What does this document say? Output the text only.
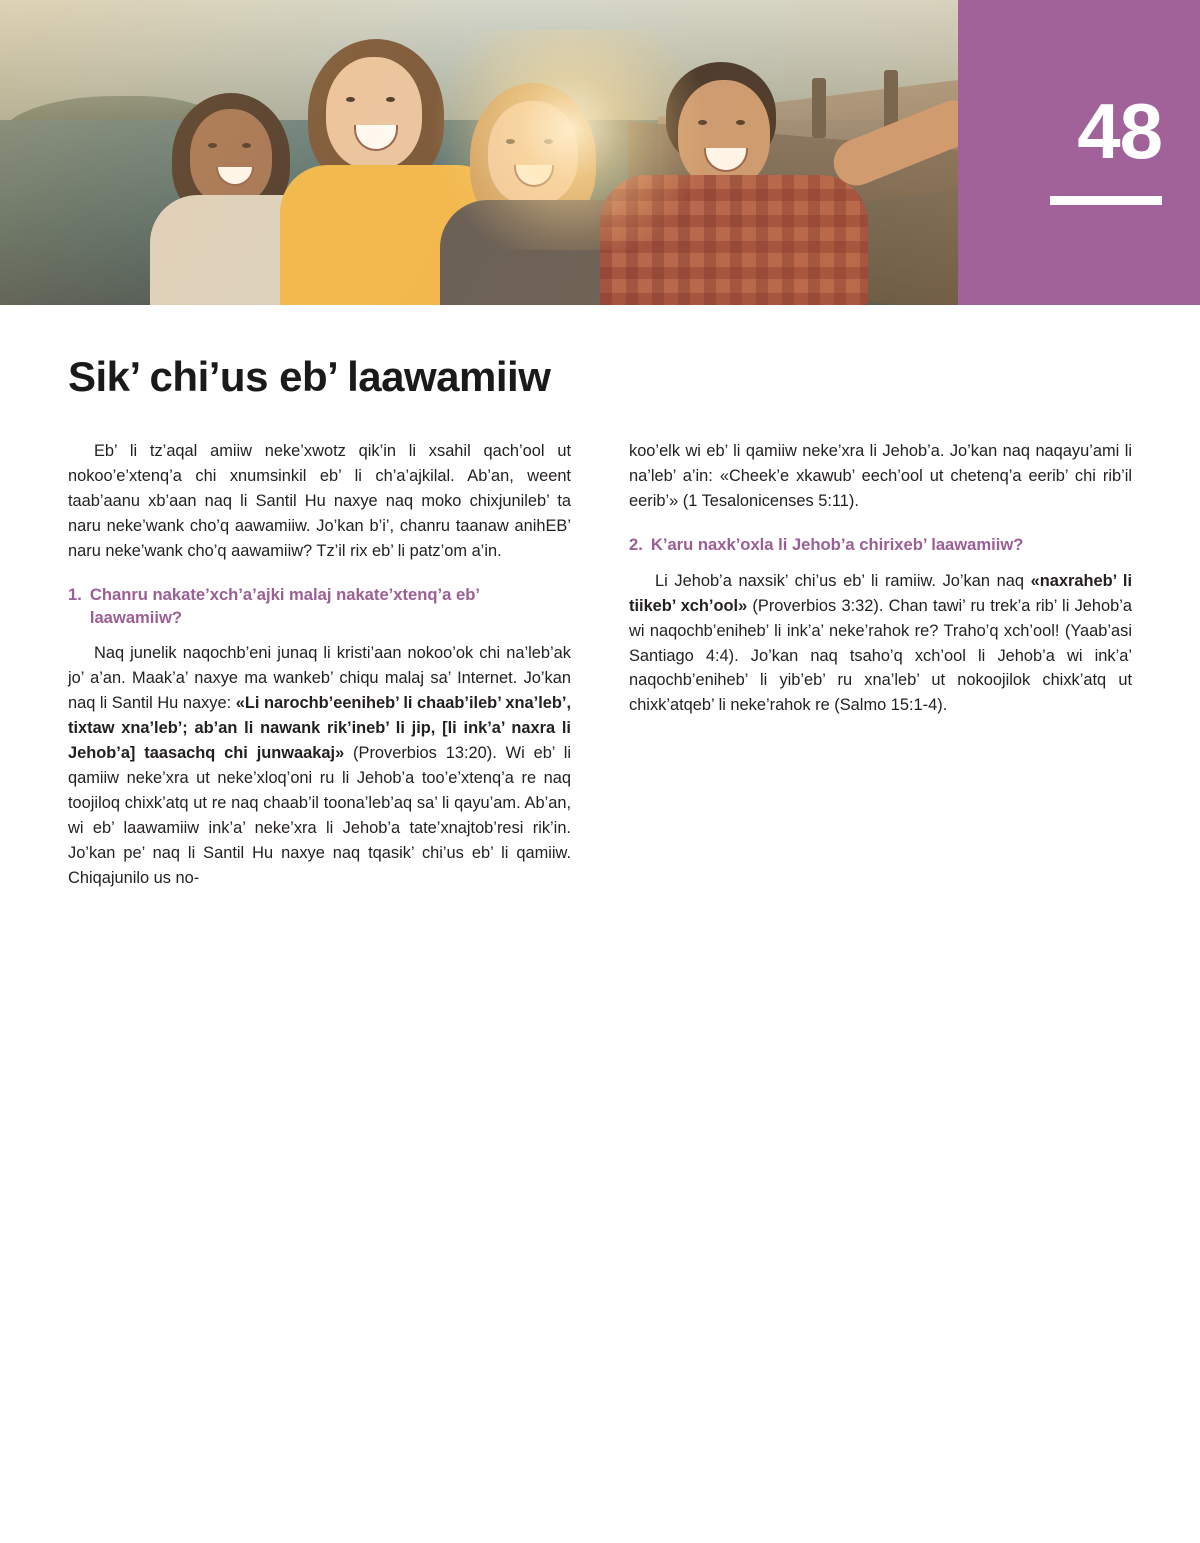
48
Sik’ chi’us eb’ laawamiiw

Eb’ li tz’aqal amiiw neke’xwotz qik’in li xsahil qach’ool ut nokoo’e’xtenq’a chi xnumsinkil eb’ li ch’a’ajkilal. Ab’an, weent taab’aanu xb’aan naq li Santil Hu naxye naq moko chixjunileb’ ta naru neke’wank cho’q aawamiiw. Jo’kan b’i’, chanru taanaw anihEB’ naru neke’wank cho’q aawamiiw? Tz’il rix eb’ li patz’om a’in.

1. Chanru nakate’xch’a’ajki malaj nakate’xtenq’a eb’ laawamiiw?

Naq junelik naqochb’eni junaq li kristi’aan nokoo’ok chi na’leb’ak jo’ a’an. Maak’a’ naxye ma wankeb’ chiqu malaj sa’ Internet. Jo’kan naq li Santil Hu naxye: «Li narochb’eeniheb’ li chaab’ileb’ xna’leb’, tixtaw xna’leb’; ab’an li nawank rik’ineb’ li jip, [li ink’a’ naxra li Jehob’a] taasachq chi junwaakaj» (Proverbios 13:20). Wi eb’ li qamiiw neke’xra ut neke’xloq’oni ru li Jehob’a too’e’xtenq’a re naq toojiloq chixk’atq ut re naq chaab’il toona’leb’aq sa’ li qayu’am. Ab’an, wi eb’ laawamiiw ink’a’ neke’xra li Jehob’a tate’xnajtob’resi rik’in. Jo’kan pe’ naq li Santil Hu naxye naq tqasik’ chi’us eb’ li qamiiw. Chiqajunilo us no-

koo’elk wi eb’ li qamiiw neke’xra li Jehob’a. Jo’kan naq naqayu’ami li na’leb’ a’in: «Cheek’e xkawub’ eech’ool ut chetenq’a eerib’ chi rib’il eerib’» (1 Tesalonicenses 5:11).

2. K’aru naxk’oxla li Jehob’a chirixeb’ laawamiiw?

Li Jehob’a naxsik’ chi’us eb’ li ramiiw. Jo’kan naq «naxraheb’ li tiikeb’ xch’ool» (Proverbios 3:32). Chan tawi’ ru trek’a rib’ li Jehob’a wi naqochb’eniheb’ li ink’a’ neke’rahok re? Traho’q xch’ool! (Yaab’asi Santiago 4:4). Jo’kan naq tsaho’q xch’ool li Jehob’a wi ink’a’ naqochb’eniheb’ li yib’eb’ ru xna’leb’ ut nokoojilok chixk’atq ut chixk’atqeb’ li neke’rahok re (Salmo 15:1-4).
